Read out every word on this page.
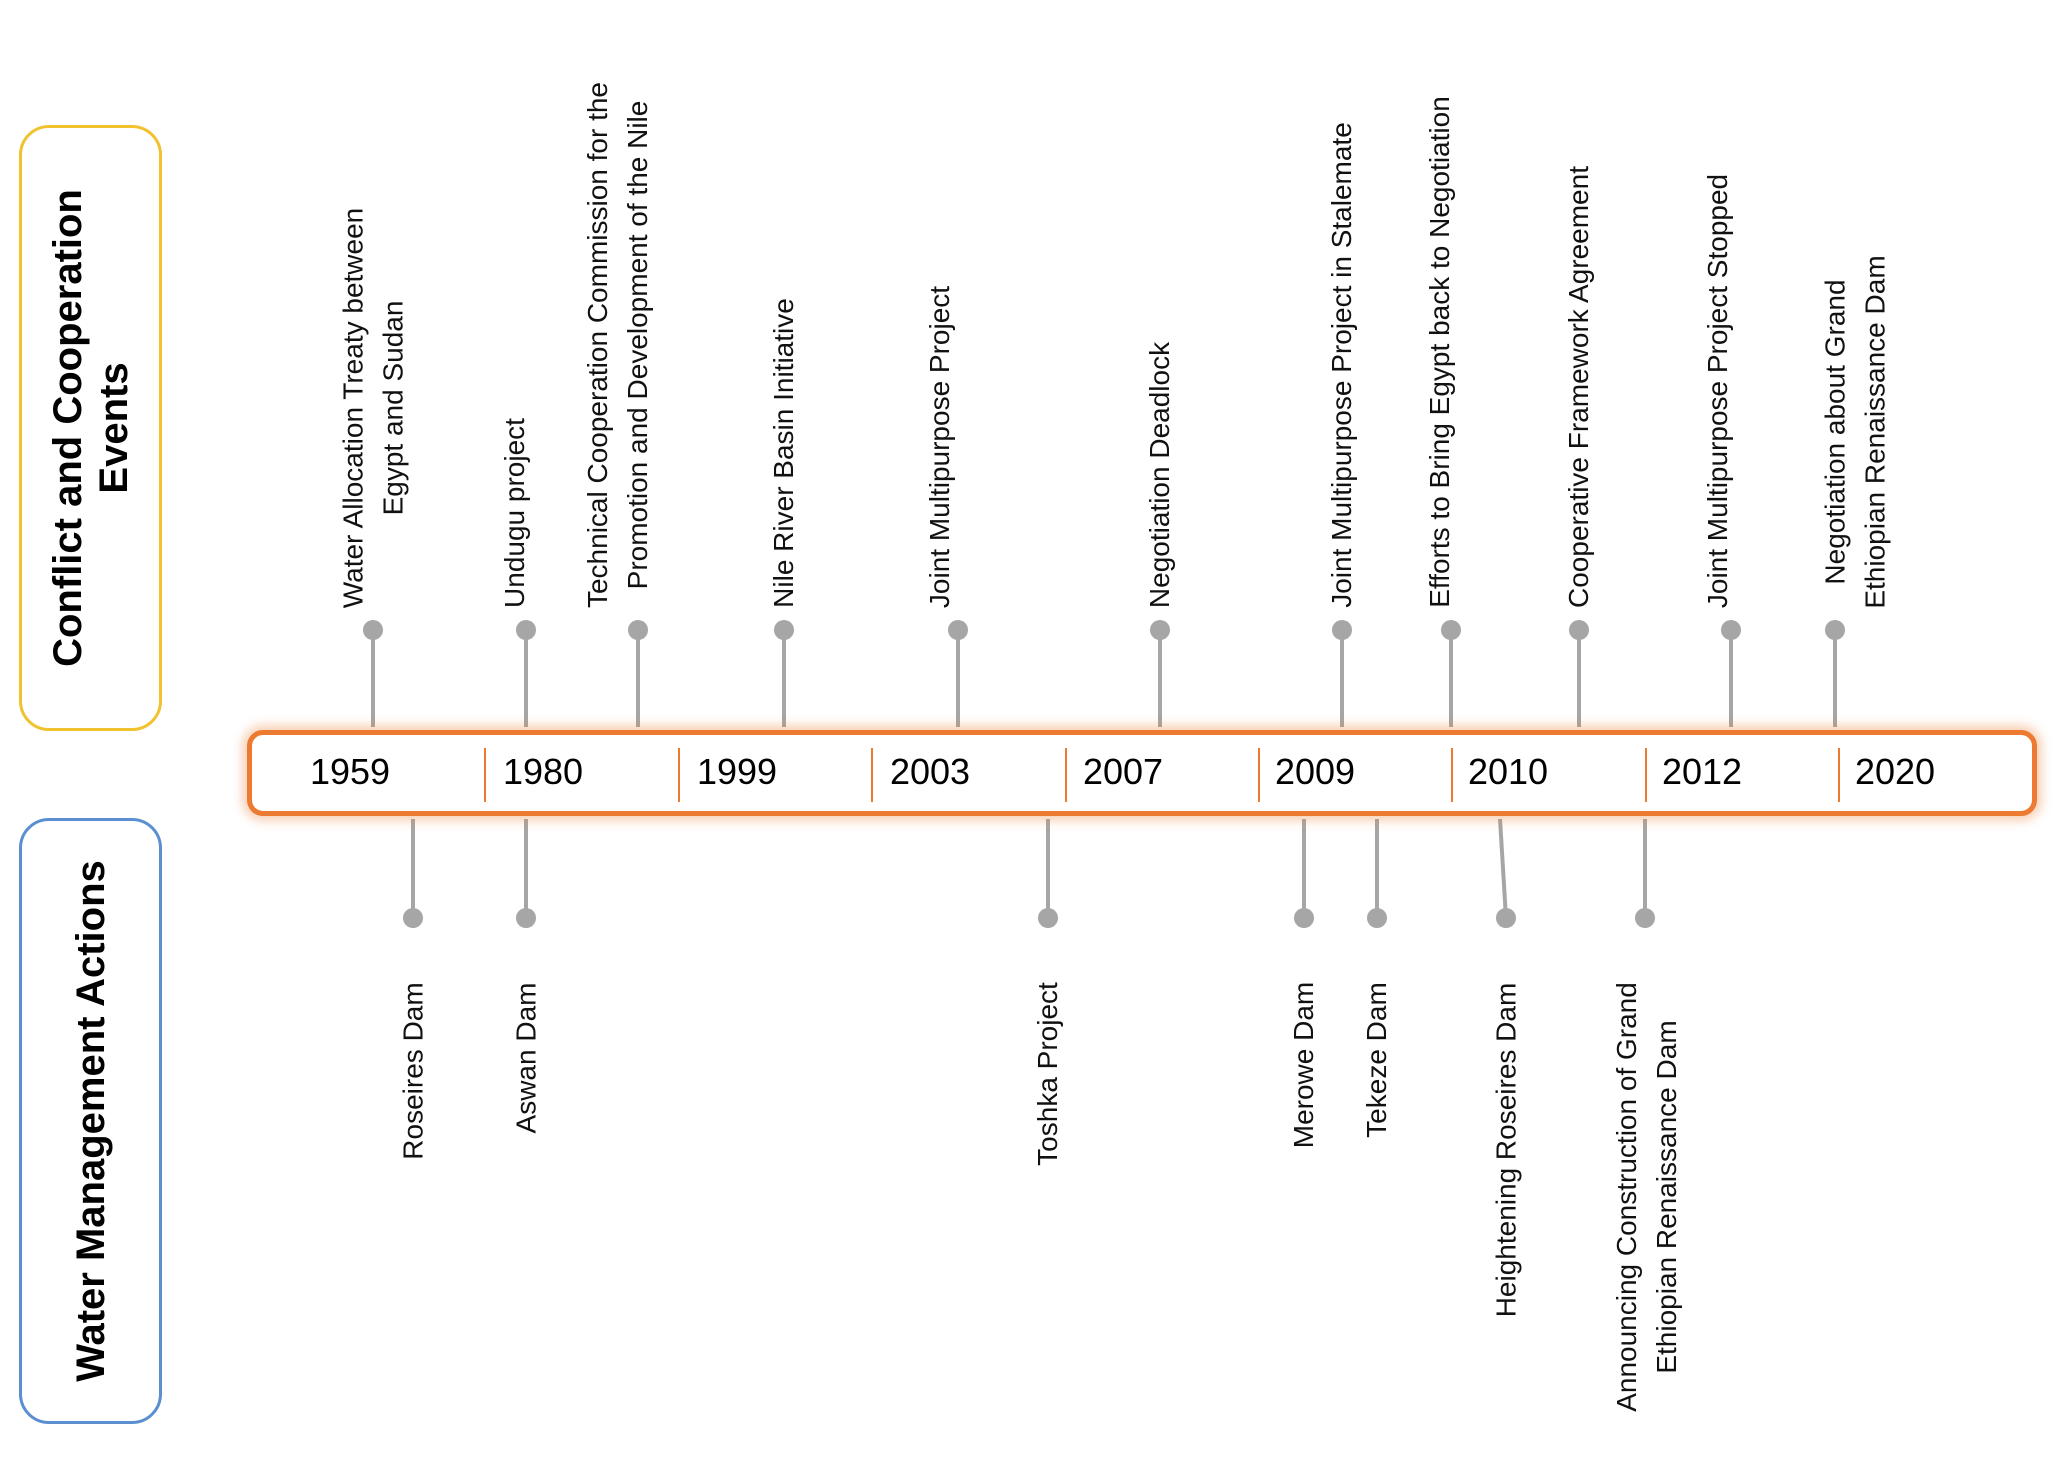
Conflict and Cooperation Events
Water Management Actions
1959	1980	1999	2003	2007	2009	2010	2012	2020
Water Allocation Treaty between Egypt and Sudan	Undugu project Technical Cooperation Commission for the Promotion and Development of the Nile	Nile River Basin Initiative	Joint Multipurpose Project	Negotiation Deadlock	Joint Multipurpose Project in Stalemate Efforts to Bring Egypt back to Negotiation	Cooperative Framework Agreement	Joint Multipurpose Project Stopped	Negotiation about Grand Ethiopian Renaissance Dam
Roseires Dam	Aswan Dam	Toshka Project	Merowe Dam Tekeze Dam	Heightening Roseires Dam	Announcing Construction of Grand Ethiopian Renaissance Dam
